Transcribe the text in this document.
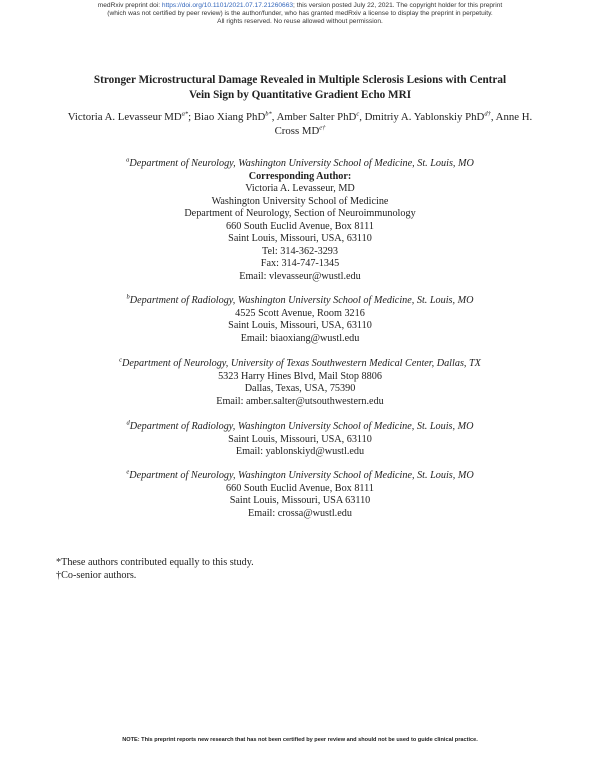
medRxiv preprint doi: https://doi.org/10.1101/2021.07.17.21260663; this version posted July 22, 2021. The copyright holder for this preprint
(which was not certified by peer review) is the author/funder, who has granted medRxiv a license to display the preprint in perpetuity.
All rights reserved. No reuse allowed without permission.
Stronger Microstructural Damage Revealed in Multiple Sclerosis Lesions with Central
Vein Sign by Quantitative Gradient Echo MRI
Victoria A. Levasseur $MD^{a*}$; Biao Xiang PhD$^{b*}$, Amber Salter PhD$^c$, Dmitriy A. Yablonskiy PhD$^{d\dagger}$, Anne H. Cross $MD^{e\dagger}$
$^a$Department of Neurology, Washington University School of Medicine, St. Louis, MO
Corresponding Author:
Victoria A. Levasseur, MD
Washington University School of Medicine
Department of Neurology, Section of Neuroimmunology
660 South Euclid Avenue, Box 8111
Saint Louis, Missouri, USA, 63110
Tel: 314-362-3293
Fax: 314-747-1345
Email: vlevasseur@wustl.edu
$^b$Department of Radiology, Washington University School of Medicine, St. Louis, MO
4525 Scott Avenue, Room 3216
Saint Louis, Missouri, USA, 63110
Email: biaoxiang@wustl.edu
$^c$Department of Neurology, University of Texas Southwestern Medical Center, Dallas, TX
5323 Harry Hines Blvd, Mail Stop 8806
Dallas, Texas, USA, 75390
Email: amber.salter@utsouthwestern.edu
$^d$Department of Radiology, Washington University School of Medicine, St. Louis, MO
Saint Louis, Missouri, USA, 63110
Email: yablonskiyd@wustl.edu
$^e$Department of Neurology, Washington University School of Medicine, St. Louis, MO
660 South Euclid Avenue, Box 8111
Saint Louis, Missouri, USA 63110
Email: crossa@wustl.edu
*These authors contributed equally to this study.
†Co-senior authors.
NOTE: This preprint reports new research that has not been certified by peer review and should not be used to guide clinical practice.
